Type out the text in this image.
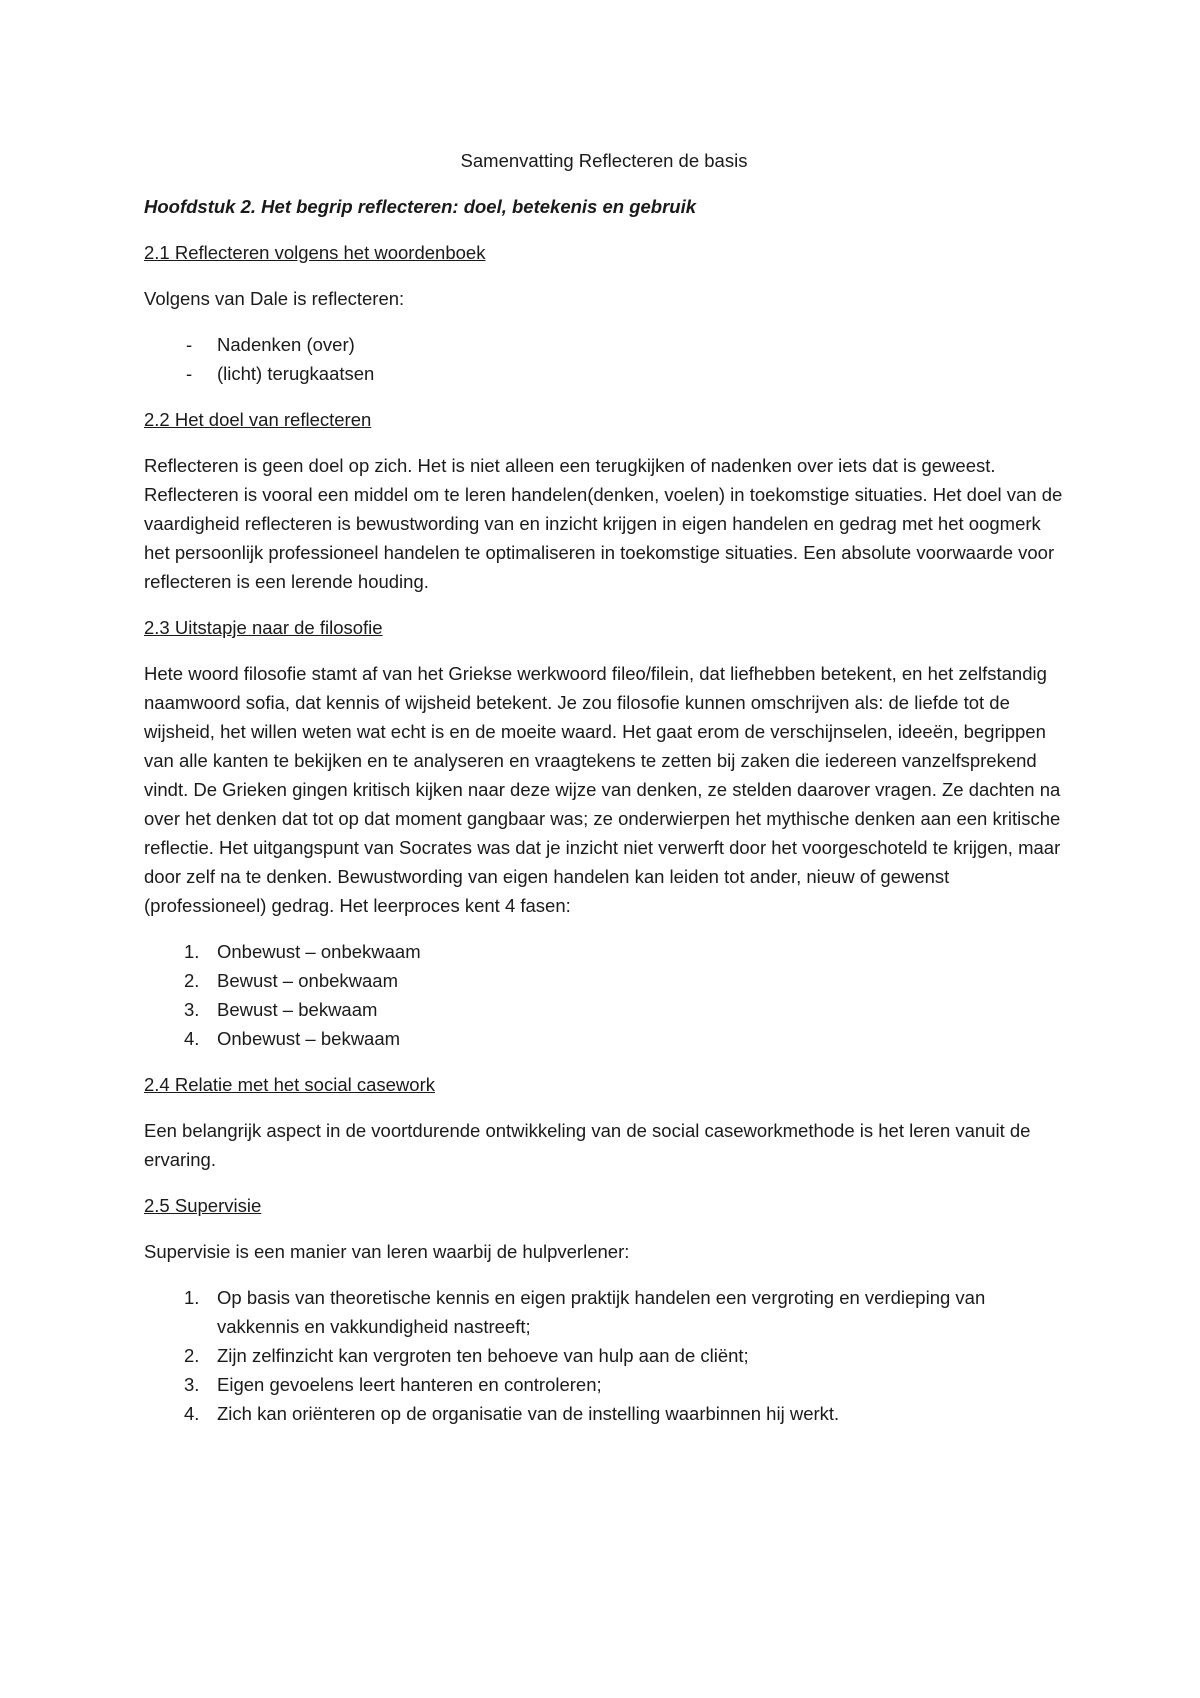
Samenvatting Reflecteren de basis
Hoofdstuk 2. Het begrip reflecteren: doel, betekenis en gebruik
2.1 Reflecteren volgens het woordenboek

Volgens van Dale is reflecteren:

- Nadenken (over)
- (licht) terugkaatsen
2.2 Het doel van reflecteren

Reflecteren is geen doel op zich. Het is niet alleen een terugkijken of nadenken over iets dat is geweest. Reflecteren is vooral een middel om te leren handelen(denken, voelen) in toekomstige situaties. Het doel van de vaardigheid reflecteren is bewustwording van en inzicht krijgen in eigen handelen en gedrag met het oogmerk het persoonlijk professioneel handelen te optimaliseren in toekomstige situaties. Een absolute voorwaarde voor reflecteren is een lerende houding.

2.3 Uitstapje naar de filosofie

Hete woord filosofie stamt af van het Griekse werkwoord fileo/filein, dat liefhebben betekent, en het zelfstandig naamwoord sofia, dat kennis of wijsheid betekent. Je zou filosofie kunnen omschrijven als: de liefde tot de wijsheid, het willen weten wat echt is en de moeite waard. Het gaat erom de verschijnselen, ideeën, begrippen van alle kanten te bekijken en te analyseren en vraagtekens te zetten bij zaken die iedereen vanzelfsprekend vindt. De Grieken gingen kritisch kijken naar deze wijze van denken, ze stelden daarover vragen. Ze dachten na over het denken dat tot op dat moment gangbaar was; ze onderwierpen het mythische denken aan een kritische reflectie. Het uitgangspunt van Socrates was dat je inzicht niet verwerft door het voorgeschoteld te krijgen, maar door zelf na te denken. Bewustwording van eigen handelen kan leiden tot ander, nieuw of gewenst (professioneel) gedrag. Het leerproces kent 4 fasen:

1. Onbewust – onbekwaam
2. Bewust – onbekwaam
3. Bewust – bekwaam
4. Onbewust – bekwaam
2.4 Relatie met het social casework

Een belangrijk aspect in de voortdurende ontwikkeling van de social caseworkmethode is het leren vanuit de ervaring.

2.5 Supervisie

Supervisie is een manier van leren waarbij de hulpverlener:

1. Op basis van theoretische kennis en eigen praktijk handelen een vergroting en verdieping van vakkennis en vakkundigheid nastreeft;
2. Zijn zelfinzicht kan vergroten ten behoeve van hulp aan de cliënt;
3. Eigen gevoelens leert hanteren en controleren;
4. Zich kan oriënteren op de organisatie van de instelling waarbinnen hij werkt.
